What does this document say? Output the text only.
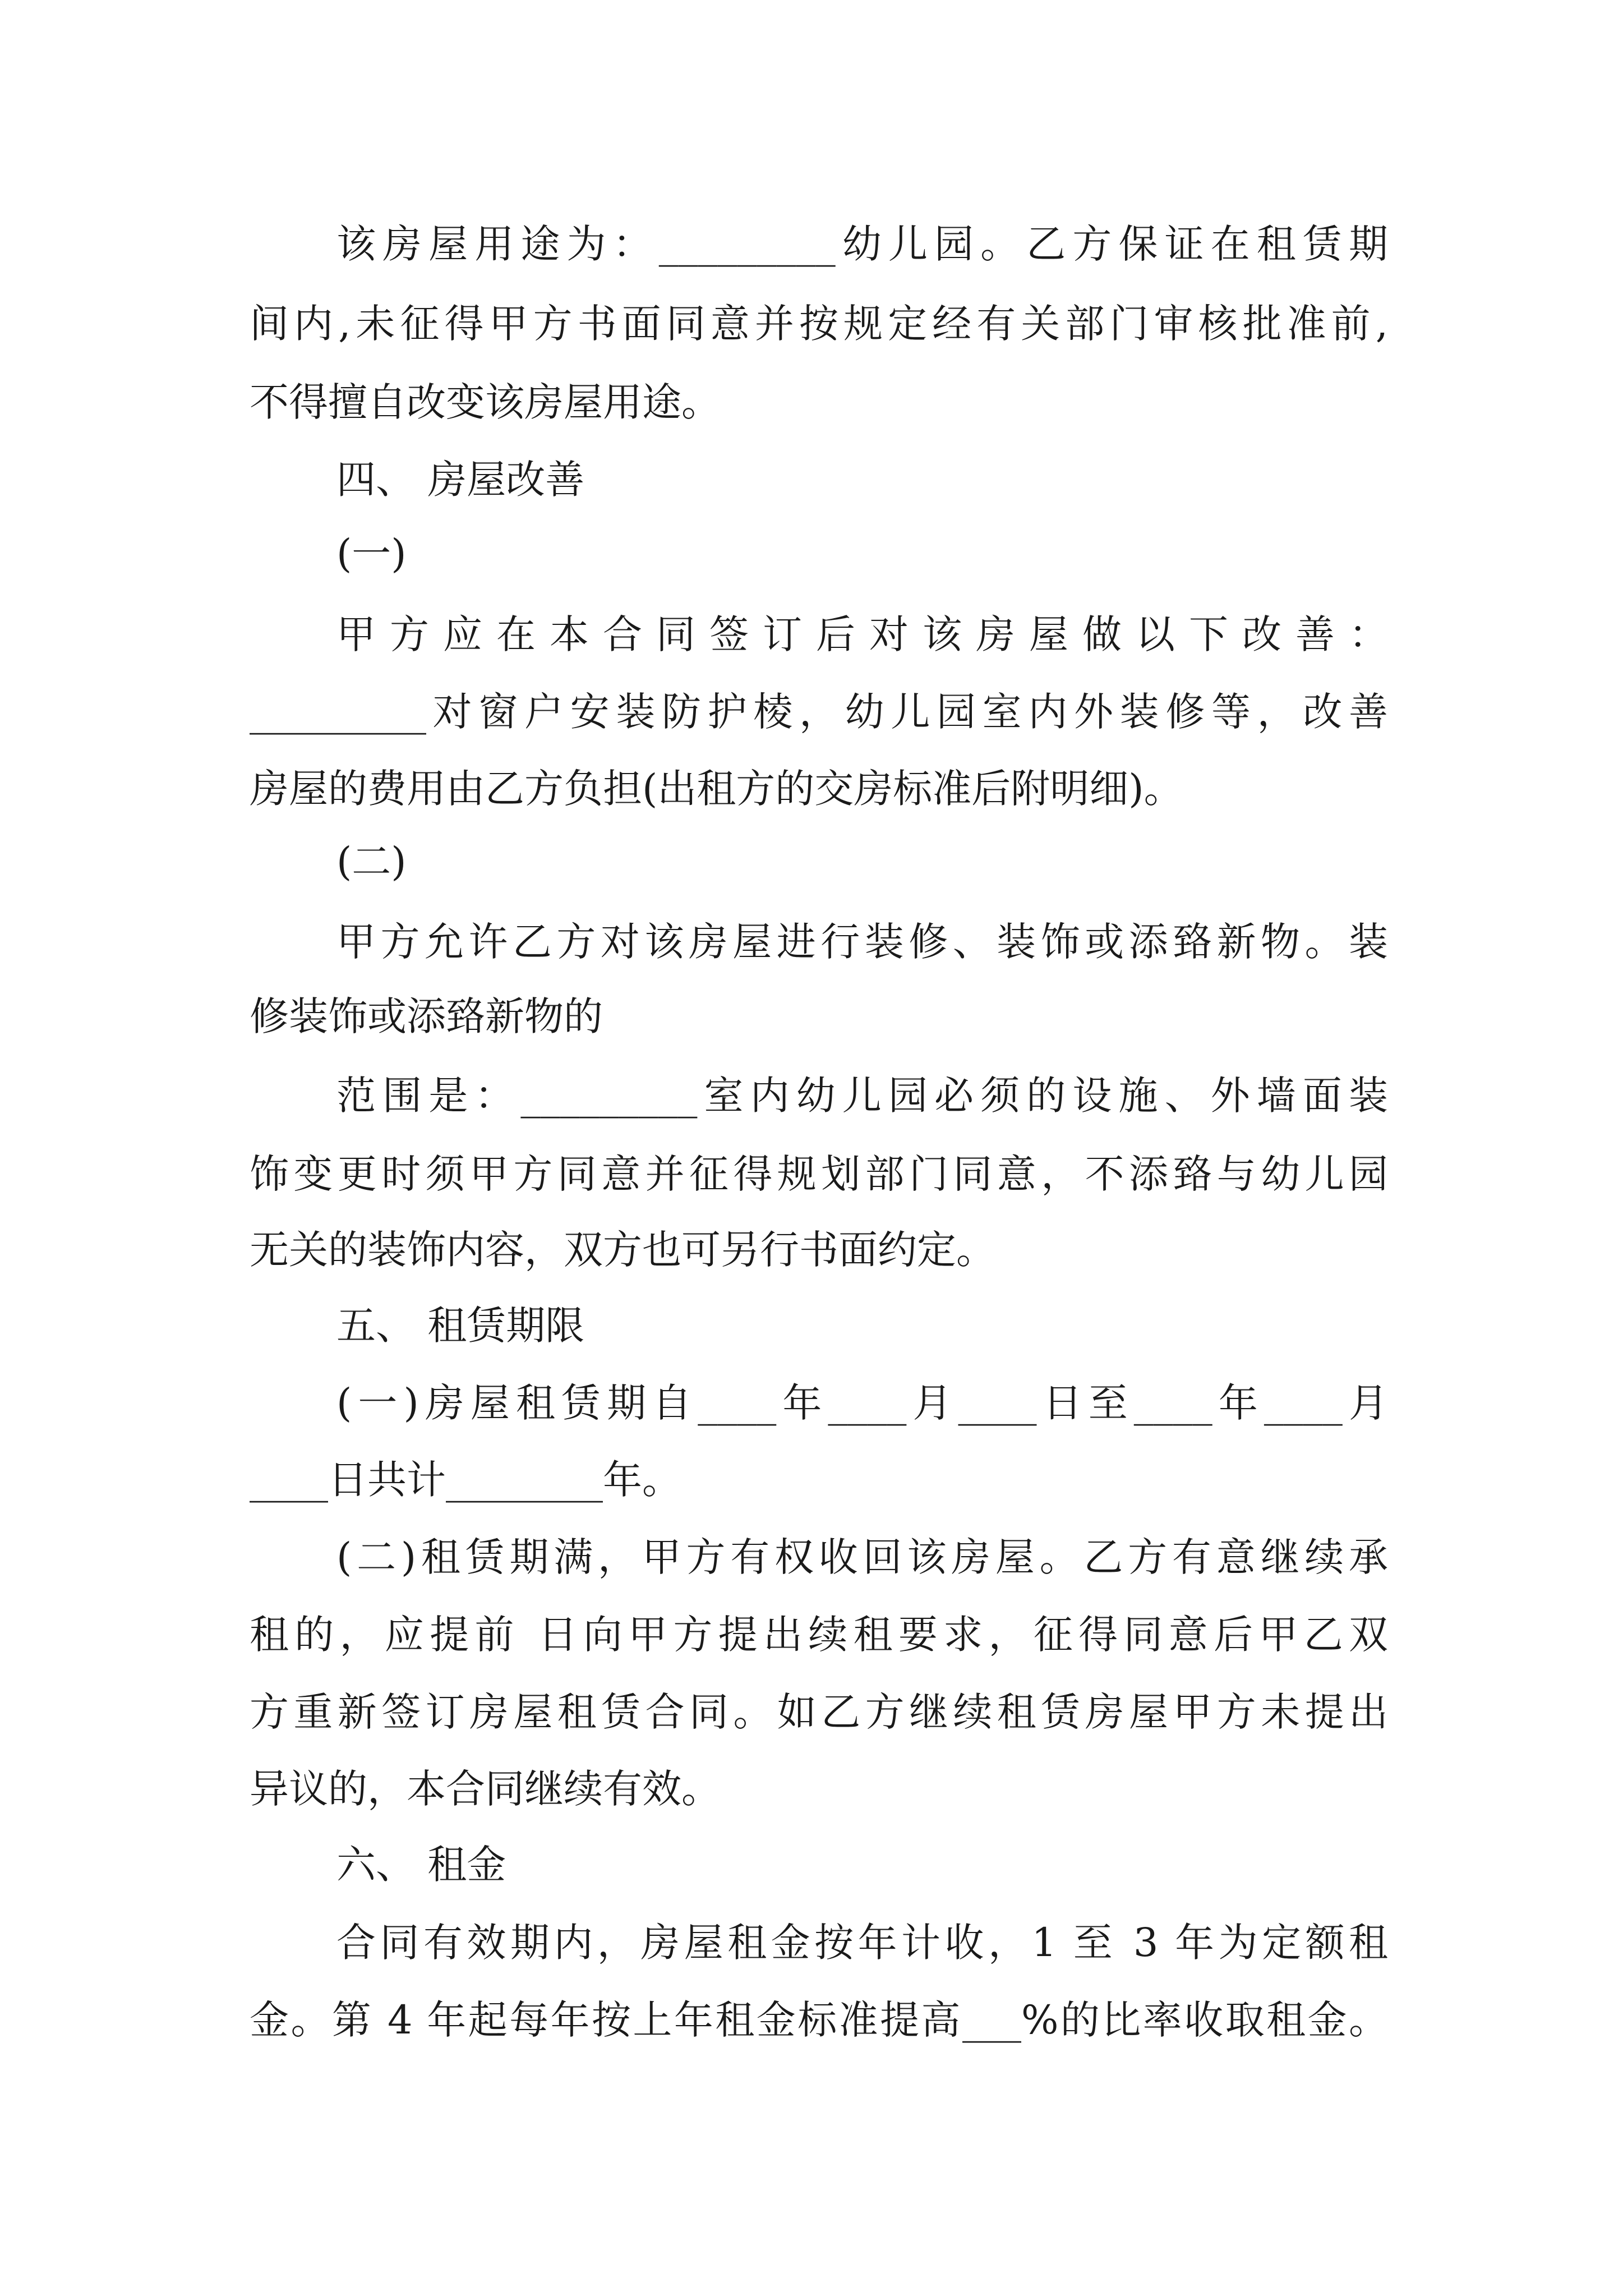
该房屋用途为：_________幼儿园。乙方保证在租赁期
间内,未征得甲方书面同意并按规定经有关部门审核批准前,
不得擅自改变该房屋用途。
四、 房屋改善
(一)
甲方应在本合同签订后对该房屋做以下改善：
_________对窗户安装防护棱，幼儿园室内外装修等，改善
房屋的费用由乙方负担(出租方的交房标准后附明细)。
(二)
甲方允许乙方对该房屋进行装修、装饰或添臵新物。装
修装饰或添臵新物的
范围是：_________室内幼儿园必须的设施、外墙面装
饰变更时须甲方同意并征得规划部门同意，不添臵与幼儿园
无关的装饰内容，双方也可另行书面约定。
五、 租赁期限
(一)房屋租赁期自____年____月____日至____年____月
____日共计________年。
(二)租赁期满，甲方有权收回该房屋。乙方有意继续承
租的，应提前 日向甲方提出续租要求，征得同意后甲乙双
方重新签订房屋租赁合同。如乙方继续租赁房屋甲方未提出
异议的，本合同继续有效。
六、 租金
合同有效期内，房屋租金按年计收，1 至 3 年为定额租
金。第 4 年起每年按上年租金标准提高___%的比率收取租金。
